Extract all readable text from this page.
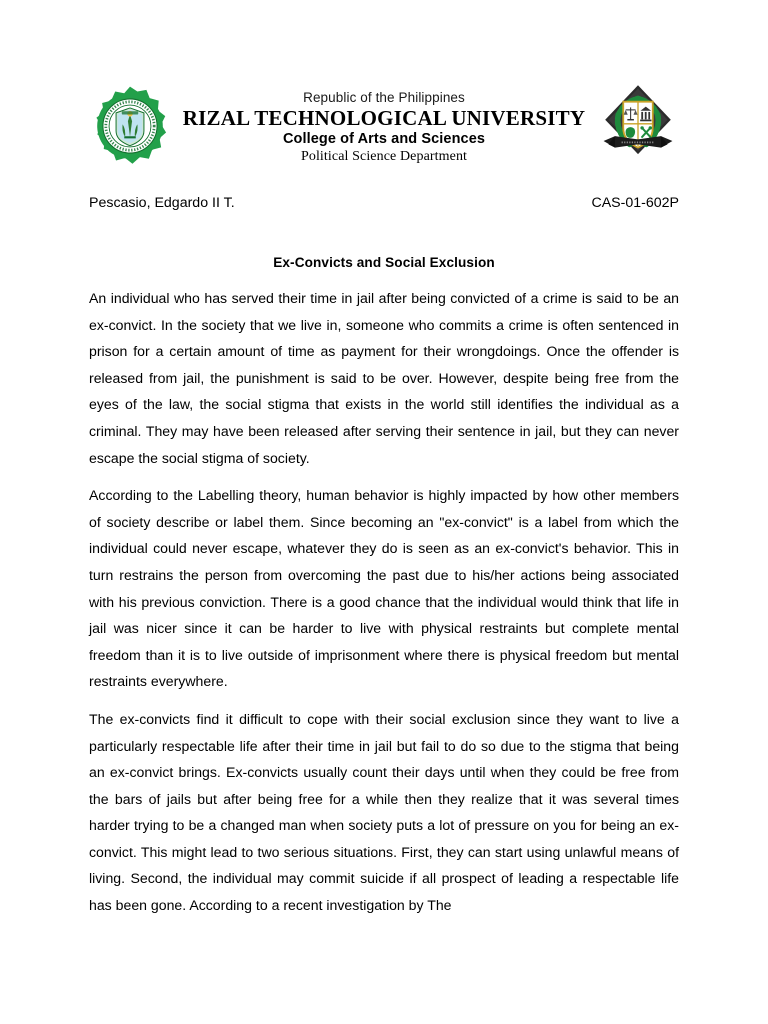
Republic of the Philippines
RIZAL TECHNOLOGICAL UNIVERSITY
College of Arts and Sciences
Political Science Department
Pescasio, Edgardo II T.	CAS-01-602P
Ex-Convicts and Social Exclusion

An individual who has served their time in jail after being convicted of a crime is said to be an ex-convict. In the society that we live in, someone who commits a crime is often sentenced in prison for a certain amount of time as payment for their wrongdoings. Once the offender is released from jail, the punishment is said to be over. However, despite being free from the eyes of the law, the social stigma that exists in the world still identifies the individual as a criminal. They may have been released after serving their sentence in jail, but they can never escape the social stigma of society.

According to the Labelling theory, human behavior is highly impacted by how other members of society describe or label them. Since becoming an "ex-convict" is a label from which the individual could never escape, whatever they do is seen as an ex-convict's behavior. This in turn restrains the person from overcoming the past due to his/her actions being associated with his previous conviction. There is a good chance that the individual would think that life in jail was nicer since it can be harder to live with physical restraints but complete mental freedom than it is to live outside of imprisonment where there is physical freedom but mental restraints everywhere.

The ex-convicts find it difficult to cope with their social exclusion since they want to live a particularly respectable life after their time in jail but fail to do so due to the stigma that being an ex-convict brings. Ex-convicts usually count their days until when they could be free from the bars of jails but after being free for a while then they realize that it was several times harder trying to be a changed man when society puts a lot of pressure on you for being an ex-convict. This might lead to two serious situations. First, they can start using unlawful means of living. Second, the individual may commit suicide if all prospect of leading a respectable life has been gone. According to a recent investigation by The
